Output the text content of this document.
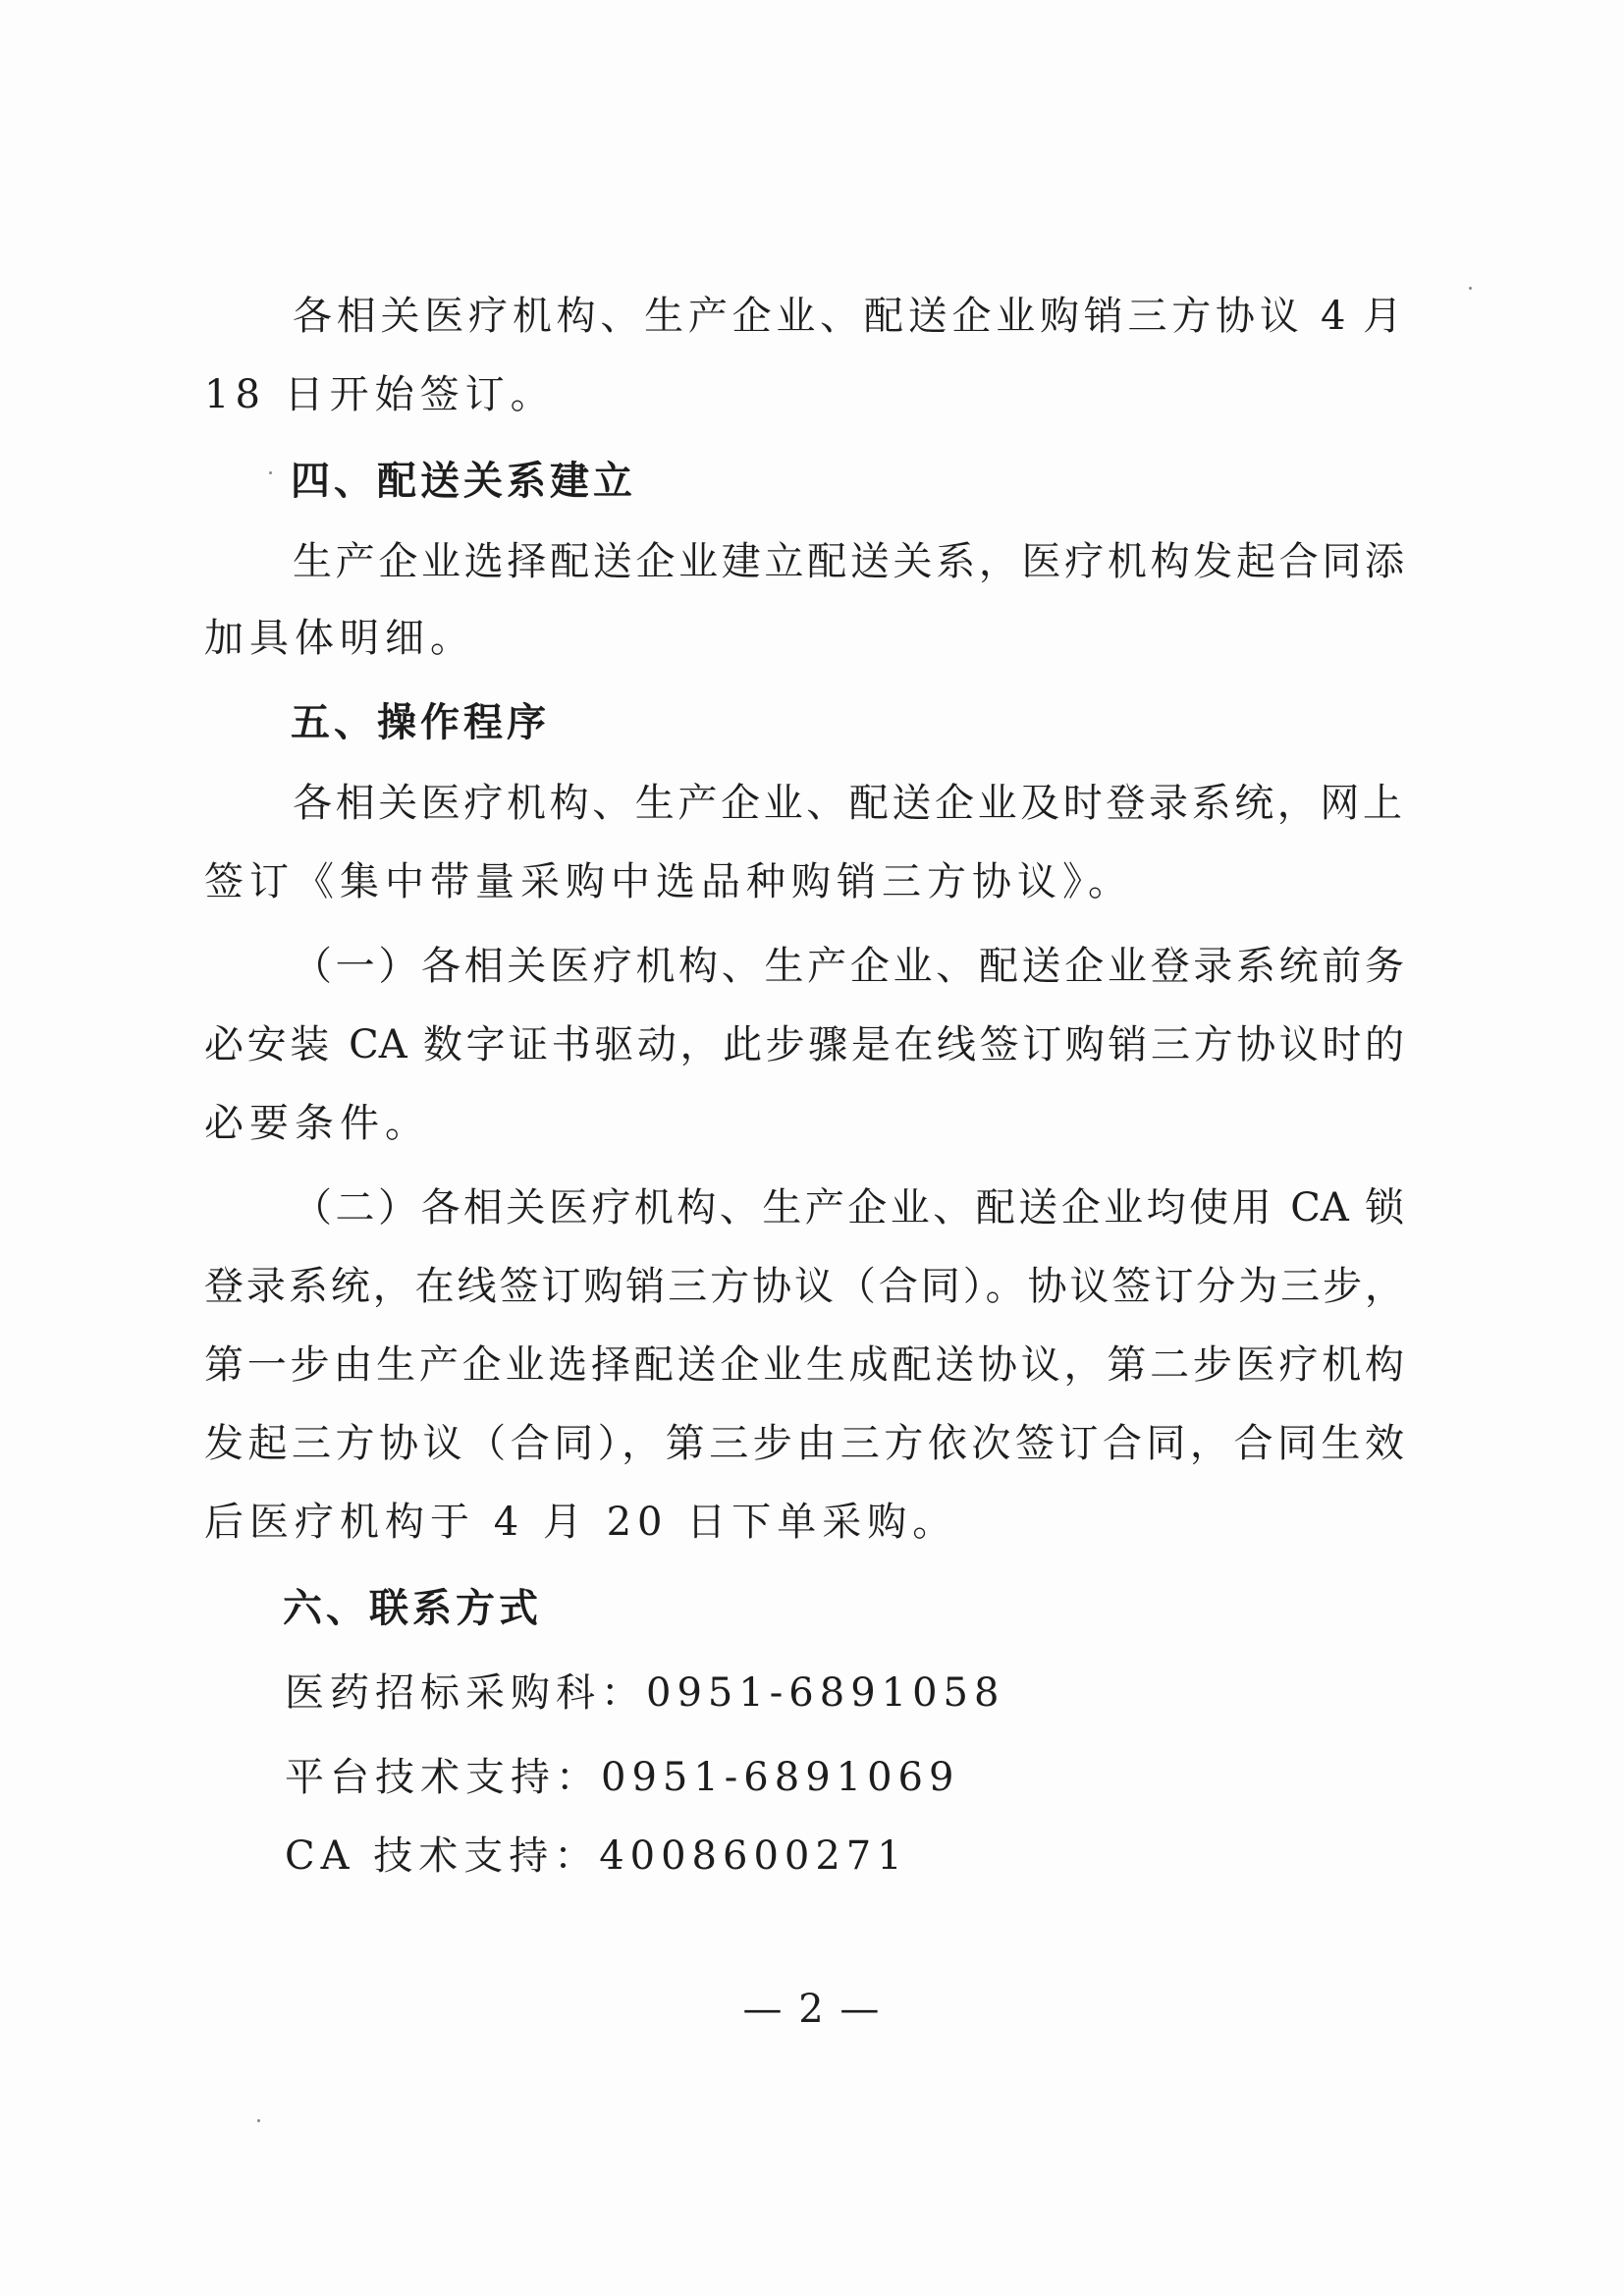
各相关医疗机构、生产企业、配送企业购销三方协议 4 月
18 日开始签订。
四、配送关系建立
生产企业选择配送企业建立配送关系，医疗机构发起合同添
加具体明细。
五、操作程序
各相关医疗机构、生产企业、配送企业及时登录系统，网上
签订《集中带量采购中选品种购销三方协议》。
（一）各相关医疗机构、生产企业、配送企业登录系统前务
必安装 CA 数字证书驱动，此步骤是在线签订购销三方协议时的
必要条件。
（二）各相关医疗机构、生产企业、配送企业均使用 CA 锁
登录系统，在线签订购销三方协议（合同）。协议签订分为三步，
第一步由生产企业选择配送企业生成配送协议，第二步医疗机构
发起三方协议（合同），第三步由三方依次签订合同，合同生效
后医疗机构于 4 月 20 日下单采购。
六、联系方式
医药招标采购科：0951-6891058
平台技术支持：0951-6891069
CA 技术支持：4008600271
— 2 —
